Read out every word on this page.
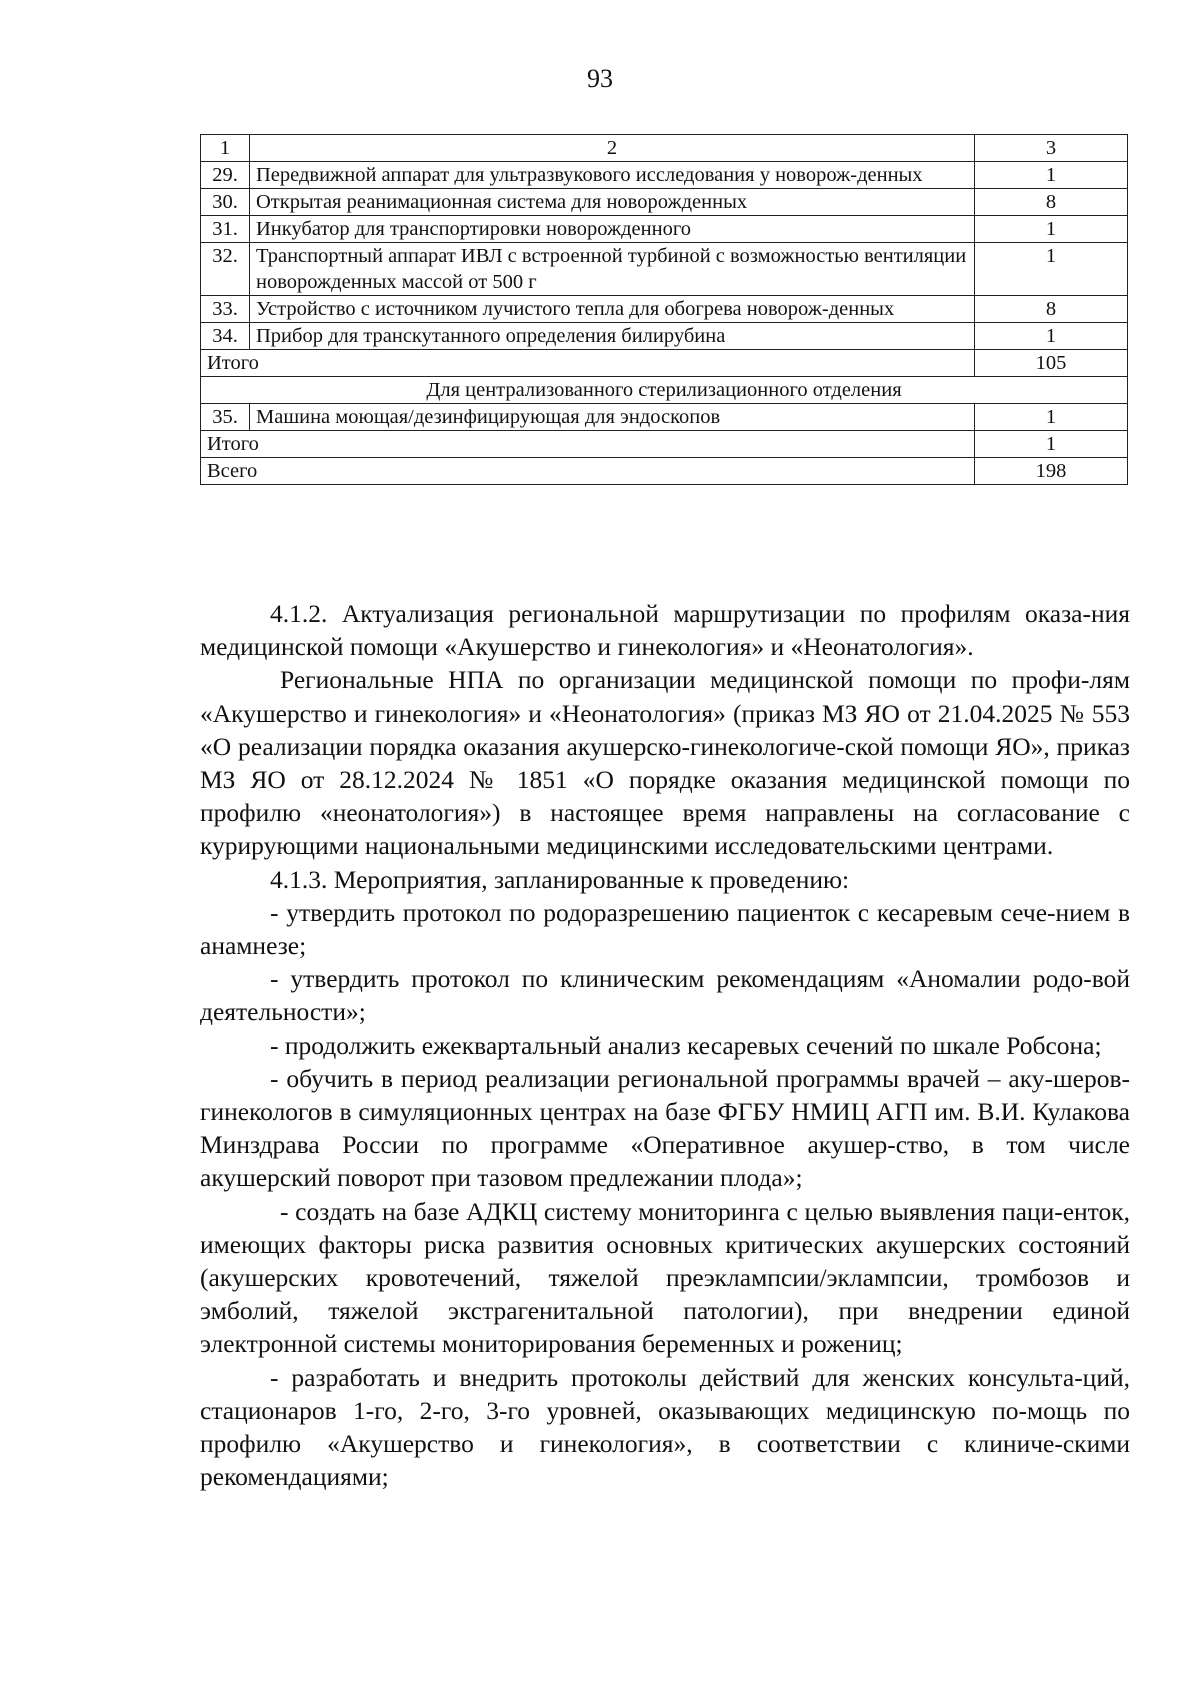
93
1	2	3
29.	Передвижной аппарат для ультразвукового исследования у новорож-денных	1
30.	Открытая реанимационная система для новорожденных	8
31.	Инкубатор для транспортировки новорожденного	1
32.	Транспортный аппарат ИВЛ с встроенной турбиной с возможностью вентиляции новорожденных массой от 500 г	1
33.	Устройство с источником лучистого тепла для обогрева новорож-денных	8
34.	Прибор для транскутанного определения билирубина	1
Итого		105
Для централизованного стерилизационного отделения		
35.	Машина моющая/дезинфицирующая для эндоскопов	1
Итого		1
Всего		198

4.1.2. Актуализация региональной маршрутизации по профилям оказа-ния медицинской помощи «Акушерство и гинекология» и «Неонатология».

Региональные НПА по организации медицинской помощи по профи-лям «Акушерство и гинекология» и «Неонатология» (приказ МЗ ЯО от 21.04.2025 № 553 «О реализации порядка оказания акушерско-гинекологиче-ской помощи ЯО», приказ МЗ ЯО от 28.12.2024 № 1851 «О порядке оказания медицинской помощи по профилю «неонатология») в настоящее время направлены на согласование с курирующими национальными медицинскими исследовательскими центрами.

4.1.3. Мероприятия, запланированные к проведению:

- утвердить протокол по родоразрешению пациенток с кесаревым сече-нием в анамнезе;

- утвердить протокол по клиническим рекомендациям «Аномалии родо-вой деятельности»;

- продолжить ежеквартальный анализ кесаревых сечений по шкале Робсона;

- обучить в период реализации региональной программы врачей – аку-шеров-гинекологов в симуляционных центрах на базе ФГБУ НМИЦ АГП им. В.И. Кулакова Минздрава России по программе «Оперативное акушер-ство, в том числе акушерский поворот при тазовом предлежании плода»;

- создать на базе АДКЦ систему мониторинга с целью выявления паци-енток, имеющих факторы риска развития основных критических акушерских состояний (акушерских кровотечений, тяжелой преэклампсии/эклампсии, тромбозов и эмболий, тяжелой экстрагенитальной патологии), при внедрении единой электронной системы мониторирования беременных и рожениц;

- разработать и внедрить протоколы действий для женских консульта-ций, стационаров 1-го, 2-го, 3-го уровней, оказывающих медицинскую по-мощь по профилю «Акушерство и гинекология», в соответствии с клиниче-скими рекомендациями;
